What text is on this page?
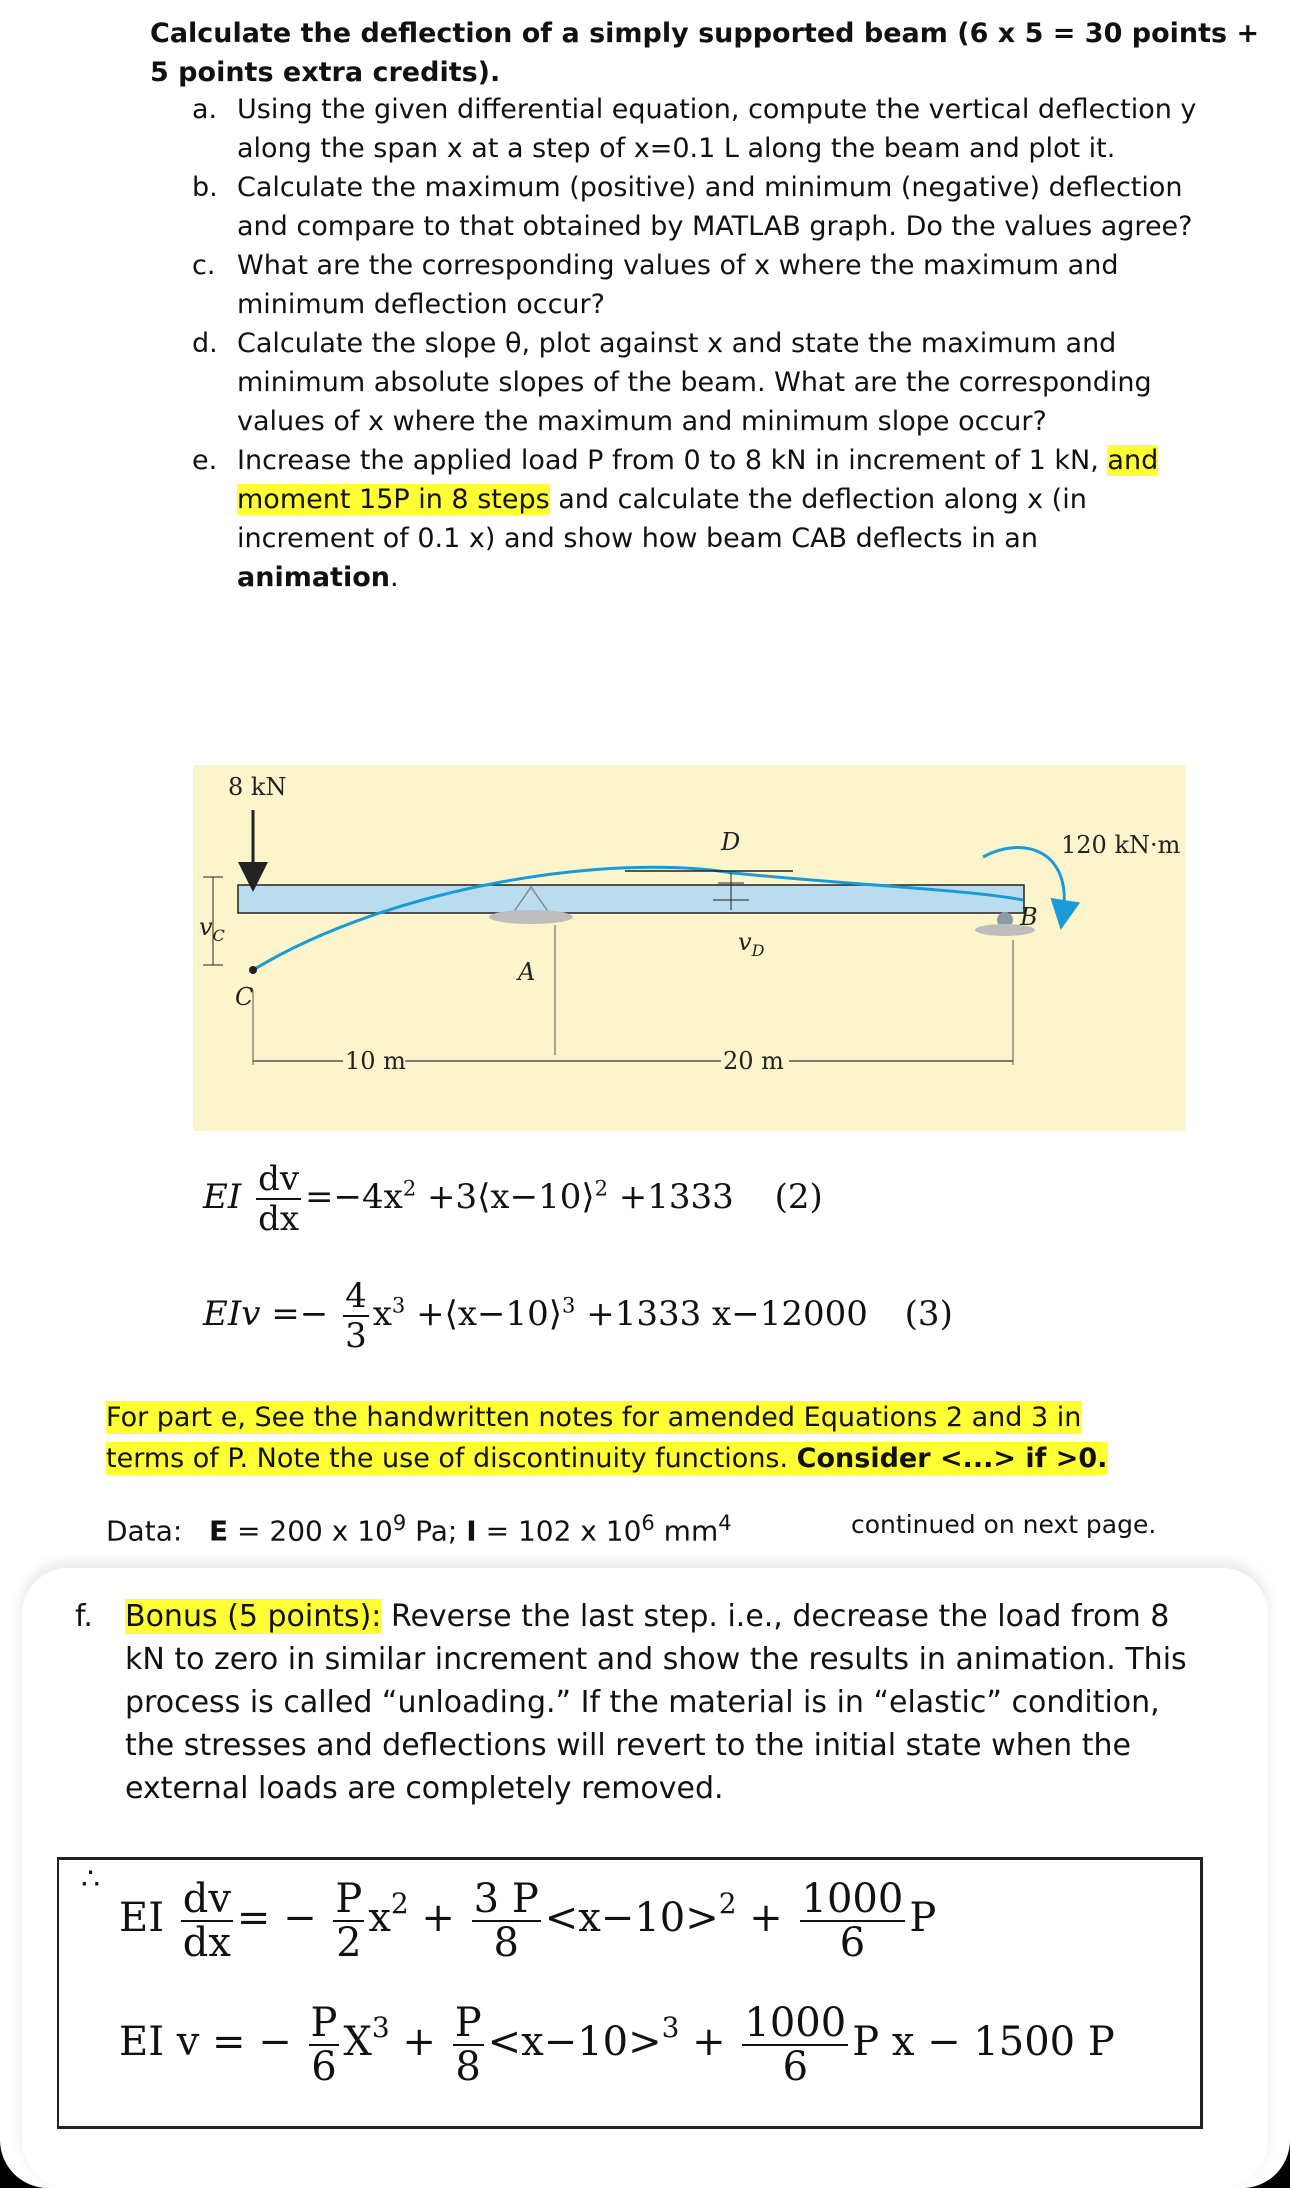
Calculate the deflection of a simply supported beam (6 x 5 = 30 points + 5 points extra credits).

a. Using the given differential equation, compute the vertical deflection y along the span x at a step of x=0.1 L along the beam and plot it.
b. Calculate the maximum (positive) and minimum (negative) deflection and compare to that obtained by MATLAB graph. Do the values agree?
c. What are the corresponding values of x where the maximum and minimum deflection occur?
d. Calculate the slope θ, plot against x and state the maximum and minimum absolute slopes of the beam. What are the corresponding values of x where the maximum and minimum slope occur?
e. Increase the applied load P from 0 to 8 kN in increment of 1 kN, and moment 15P in 8 steps and calculate the deflection along x (in increment of 0.1 x) and show how beam CAB deflects in an animation.
8 kN
A
D
$v_D$
B
120 kN·m
$v_C$
C
10 m	20 m
EI $\frac{dv}{dx} =-4x^2$ +3⟨x−10⟩$^2$ +1333 (2)
EIv =− $\frac{4}{3} x^3$ +⟨x−10⟩$^3$ +1333 x−12000 (3)

For part e, See the handwritten notes for amended Equations 2 and 3 in
terms of P. Note the use of discontinuity functions. Consider <...> if >0.

Data: E = 200 x $10^9$ Pa; I = 102 x $10^6$ $mm^4$	continued on next page.
f.	Bonus (5 points): Reverse the last step. i.e., decrease the load from 8 kN to zero in similar increment and show the results in animation. This process is called “unloading.” If the material is in “elastic” condition, the stresses and deflections will revert to the initial state when the external loads are completely removed.
∴
EI $\frac{dv}{dx}$ = − $\frac{P}{2} x^2 + \frac{3 P}{8} <x-10>^2 + \frac{1000}{6}$ P
EI v = − $\frac{P}{6} X^3 + \frac{P}{8} <x-10>^3 + \frac{1000}{6}$ P x − 1500 P
